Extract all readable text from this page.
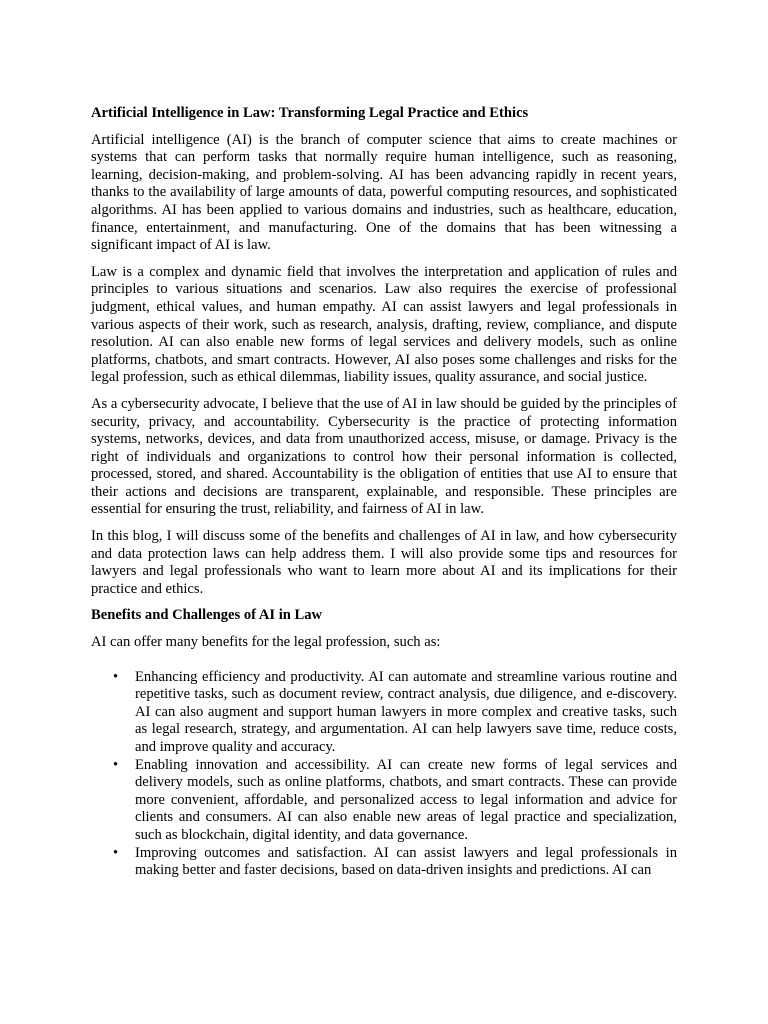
Artificial Intelligence in Law: Transforming Legal Practice and Ethics

Artificial intelligence (AI) is the branch of computer science that aims to create machines or systems that can perform tasks that normally require human intelligence, such as reasoning, learning, decision-making, and problem-solving. AI has been advancing rapidly in recent years, thanks to the availability of large amounts of data, powerful computing resources, and sophisticated algorithms. AI has been applied to various domains and industries, such as healthcare, education, finance, entertainment, and manufacturing. One of the domains that has been witnessing a significant impact of AI is law.

Law is a complex and dynamic field that involves the interpretation and application of rules and principles to various situations and scenarios. Law also requires the exercise of professional judgment, ethical values, and human empathy. AI can assist lawyers and legal professionals in various aspects of their work, such as research, analysis, drafting, review, compliance, and dispute resolution. AI can also enable new forms of legal services and delivery models, such as online platforms, chatbots, and smart contracts. However, AI also poses some challenges and risks for the legal profession, such as ethical dilemmas, liability issues, quality assurance, and social justice.

As a cybersecurity advocate, I believe that the use of AI in law should be guided by the principles of security, privacy, and accountability. Cybersecurity is the practice of protecting information systems, networks, devices, and data from unauthorized access, misuse, or damage. Privacy is the right of individuals and organizations to control how their personal information is collected, processed, stored, and shared. Accountability is the obligation of entities that use AI to ensure that their actions and decisions are transparent, explainable, and responsible. These principles are essential for ensuring the trust, reliability, and fairness of AI in law.

In this blog, I will discuss some of the benefits and challenges of AI in law, and how cybersecurity and data protection laws can help address them. I will also provide some tips and resources for lawyers and legal professionals who want to learn more about AI and its implications for their practice and ethics.

Benefits and Challenges of AI in Law

AI can offer many benefits for the legal profession, such as:

• Enhancing efficiency and productivity. AI can automate and streamline various routine and repetitive tasks, such as document review, contract analysis, due diligence, and e-discovery. AI can also augment and support human lawyers in more complex and creative tasks, such as legal research, strategy, and argumentation. AI can help lawyers save time, reduce costs, and improve quality and accuracy.
• Enabling innovation and accessibility. AI can create new forms of legal services and delivery models, such as online platforms, chatbots, and smart contracts. These can provide more convenient, affordable, and personalized access to legal information and advice for clients and consumers. AI can also enable new areas of legal practice and specialization, such as blockchain, digital identity, and data governance.
• Improving outcomes and satisfaction. AI can assist lawyers and legal professionals in making better and faster decisions, based on data-driven insights and predictions. AI can
